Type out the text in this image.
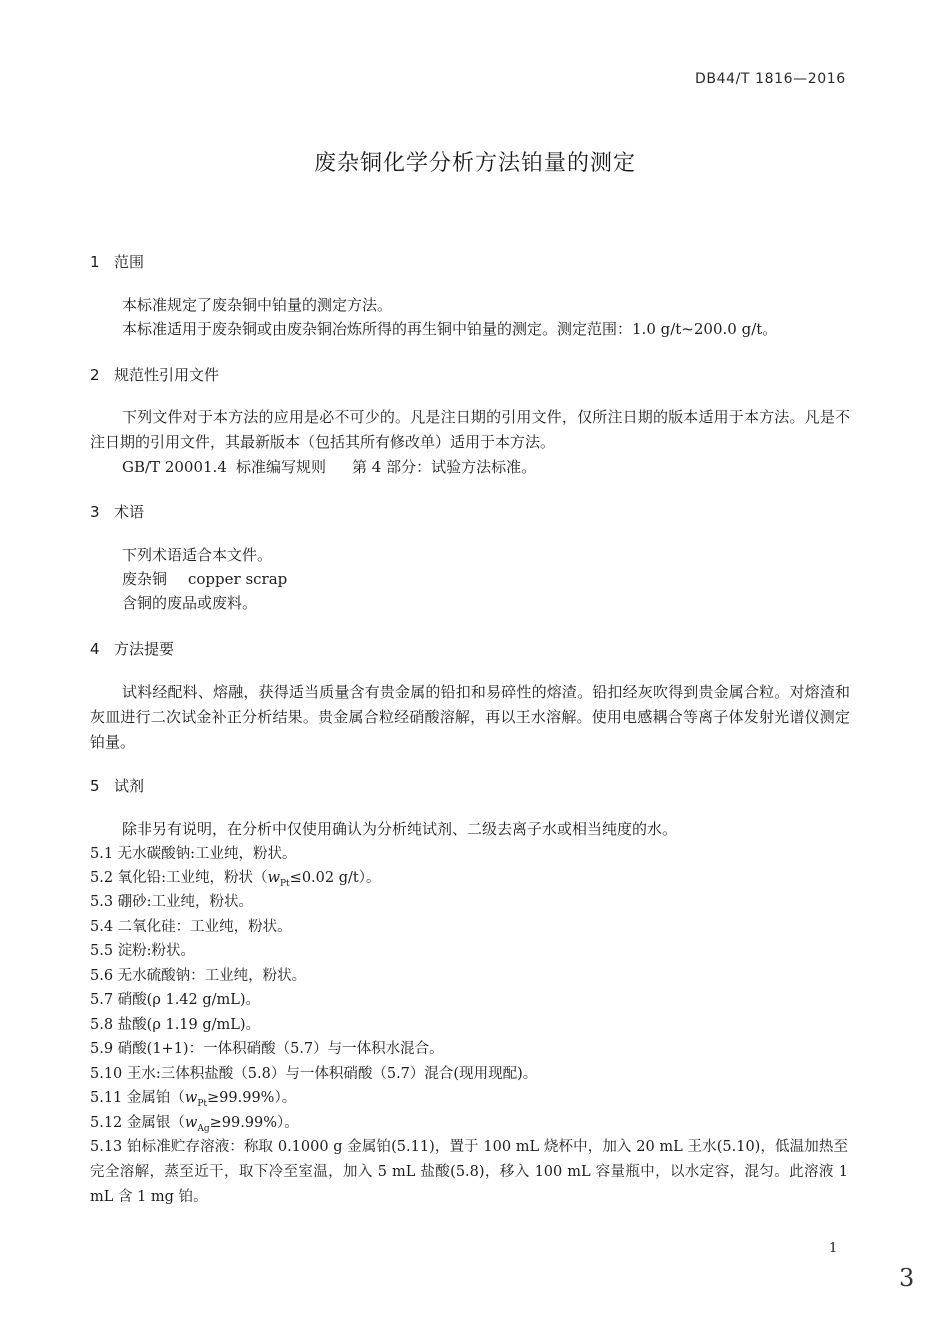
DB44/T 1816—2016
废杂铜化学分析方法铂量的测定
1 范围
本标准规定了废杂铜中铂量的测定方法。
本标准适用于废杂铜或由废杂铜冶炼所得的再生铜中铂量的测定。测定范围：1.0 g/t~200.0 g/t。
2 规范性引用文件
下列文件对于本方法的应用是必不可少的。凡是注日期的引用文件，仅所注日期的版本适用于本方法。凡是不注日期的引用文件，其最新版本（包括其所有修改单）适用于本方法。
GB/T 20001.4 标准编写规则 第 4 部分：试验方法标准。
3 术语
下列术语适合本文件。
废杂铜 copper scrap
含铜的废品或废料。
4 方法提要
试料经配料、熔融，获得适当质量含有贵金属的铅扣和易碎性的熔渣。铅扣经灰吹得到贵金属合粒。对熔渣和灰皿进行二次试金补正分析结果。贵金属合粒经硝酸溶解，再以王水溶解。使用电感耦合等离子体发射光谱仪测定铂量。
5 试剂
除非另有说明，在分析中仅使用确认为分析纯试剂、二级去离子水或相当纯度的水。
5.1 无水碳酸钠:工业纯，粉状。
5.2 氧化铅:工业纯，粉状（$w_{Pt}\le 0.02$ g/t）。
5.3 硼砂:工业纯，粉状。
5.4 二氧化硅：工业纯，粉状。
5.5 淀粉:粉状。
5.6 无水硫酸钠：工业纯，粉状。
5.7 硝酸(ρ 1.42 g/mL)。
5.8 盐酸(ρ 1.19 g/mL)。
5.9 硝酸(1+1)：一体积硝酸（5.7）与一体积水混合。
5.10 王水:三体积盐酸（5.8）与一体积硝酸（5.7）混合(现用现配)。
5.11 金属铂$(w_{Pt}\ge 99.99\%)$。
5.12 金属银$(w_{Ag}\ge 99.99\%)$。
5.13 铂标准贮存溶液：称取 0.1000 g 金属铂(5.11)，置于 100 mL 烧杯中，加入 20 mL 王水(5.10)，低温加热至完全溶解，蒸至近干，取下冷至室温，加入 5 mL 盐酸(5.8)，移入 100 mL 容量瓶中，以水定容，混匀。此溶液 1 mL 含 1 mg 铂。
1
3
